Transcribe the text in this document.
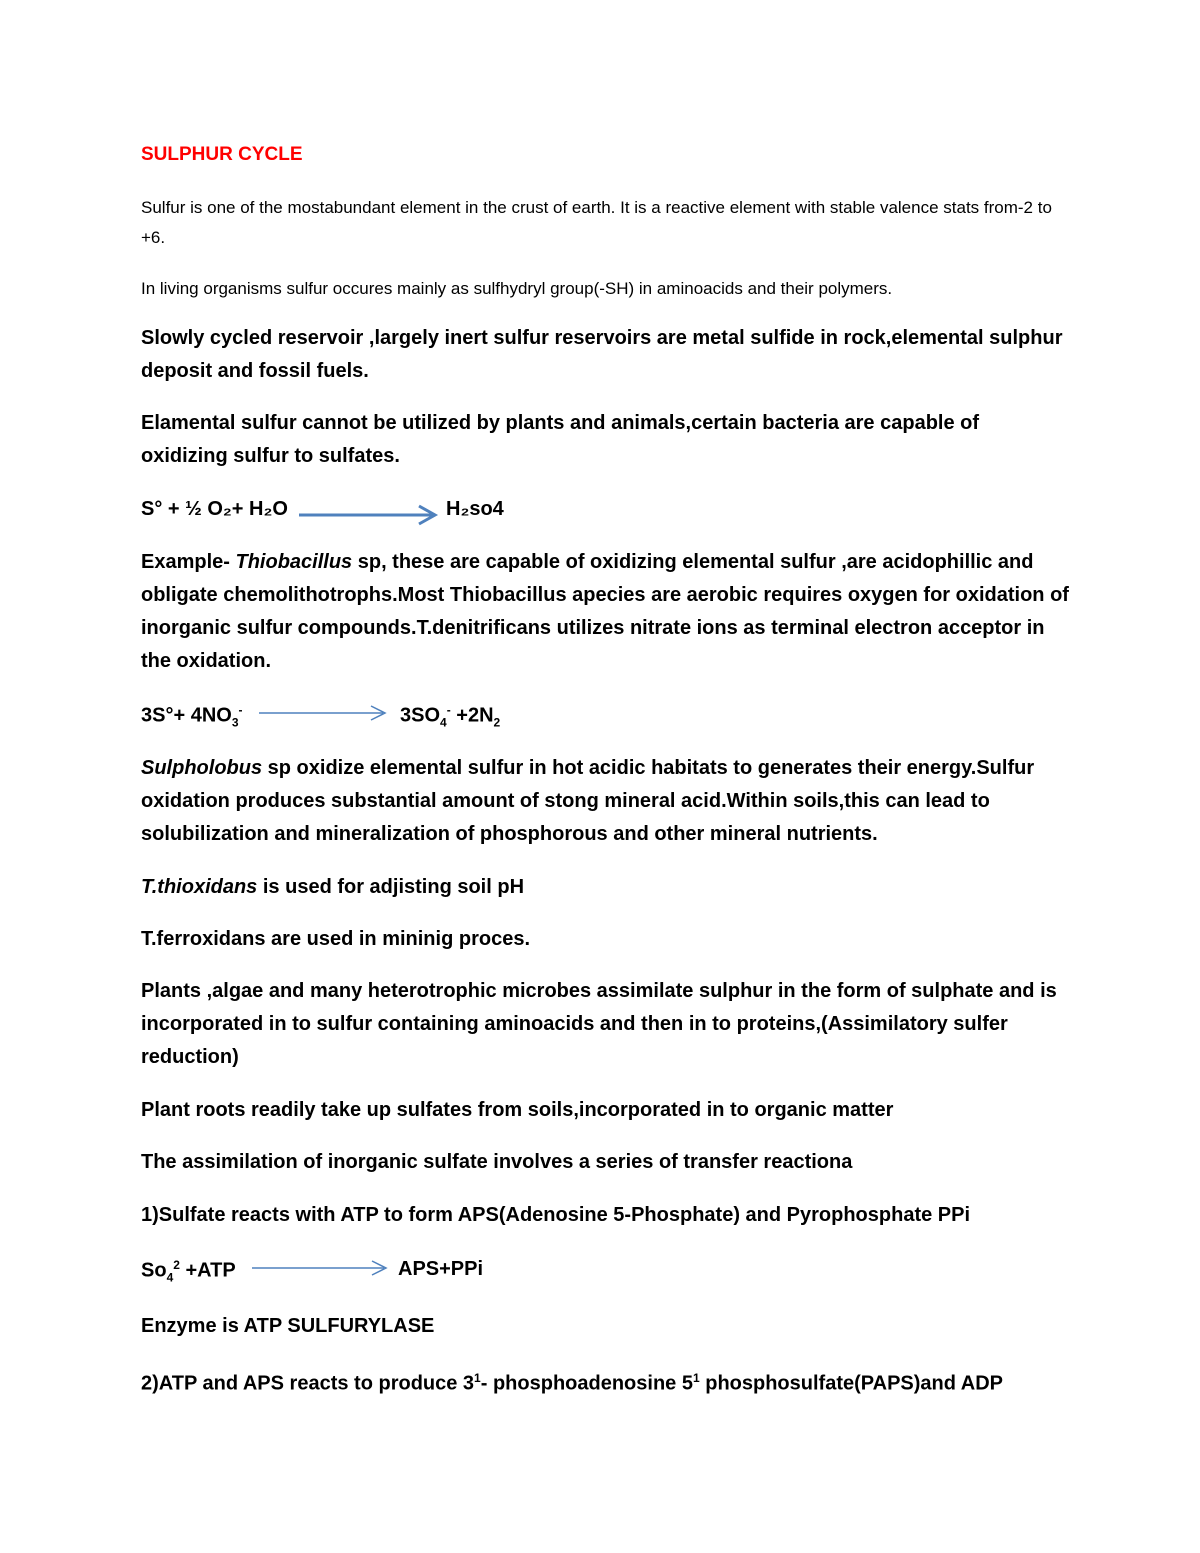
SULPHUR CYCLE

Sulfur is one of the mostabundant element in the crust of earth. It is a reactive element with stable valence stats from-2 to +6.

In living organisms sulfur occures mainly as sulfhydryl group(-SH) in aminoacids and their polymers.

Slowly cycled reservoir ,largely inert sulfur reservoirs are metal sulfide in rock,elemental sulphur deposit and fossil fuels.

Elamental sulfur cannot be utilized by plants and animals,certain bacteria are capable of oxidizing sulfur to sulfates.

S° + ½ O₂+ H₂O	H₂so4

Example- Thiobacillus sp, these are capable of oxidizing elemental sulfur ,are acidophillic and obligate chemolithotrophs.Most Thiobacillus apecies are aerobic requires oxygen for oxidation of inorganic sulfur compounds.T.denitrificans utilizes nitrate ions as terminal electron acceptor in the oxidation.

$3S^\circ+ 4NO_3^-$	$3SO_4^- +2N_2$

Sulpholobus sp oxidize elemental sulfur in hot acidic habitats to generates their energy.Sulfur oxidation produces substantial amount of stong mineral acid.Within soils,this can lead to solubilization and mineralization of phosphorous and other mineral nutrients.

T.thioxidans is used for adjisting soil pH

T.ferroxidans are used in mininig proces.

Plants ,algae and many heterotrophic microbes assimilate sulphur in the form of sulphate and is incorporated in to sulfur containing aminoacids and then in to proteins,(Assimilatory sulfer reduction)

Plant roots readily take up sulfates from soils,incorporated in to organic matter

The assimilation of inorganic sulfate involves a series of transfer reactiona

1)Sulfate reacts with ATP to form APS(Adenosine 5-Phosphate) and Pyrophosphate PPi

$So_4^2 +ATP$	APS+PPi

Enzyme is ATP SULFURYLASE

2)ATP and APS reacts to produce $3^1-$ phosphoadenosine $5^1$ phosphosulfate(PAPS)and ADP
